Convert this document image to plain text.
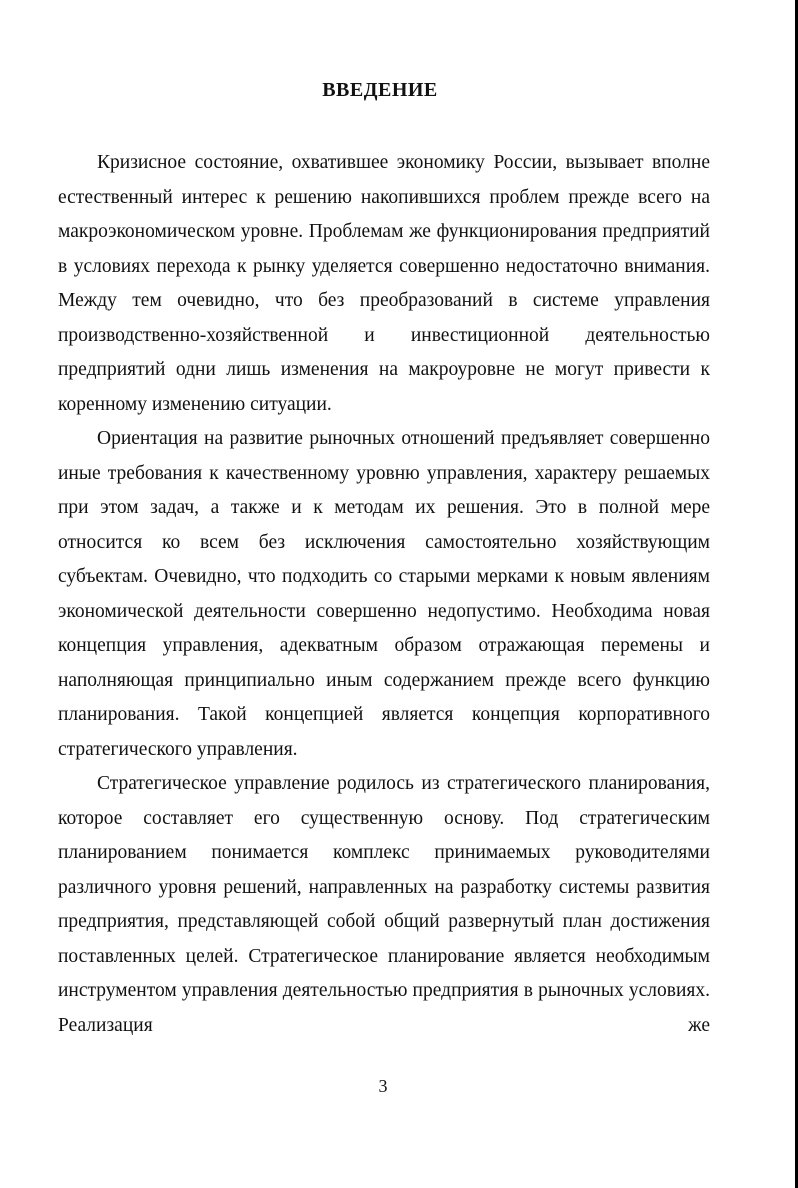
ВВЕДЕНИЕ

Кризисное состояние, охватившее экономику России, вызывает вполне естественный интерес к решению накопившихся проблем прежде всего на макроэкономическом уровне. Проблемам же функционирования предприятий в условиях перехода к рынку уделяется совершенно недостаточно внимания. Между тем очевидно, что без преобразований в системе управления производственно-хозяйственной и инвестиционной деятельностью предприятий одни лишь изменения на макроуровне не могут привести к коренному изменению ситуации.

Ориентация на развитие рыночных отношений предъявляет совершенно иные требования к качественному уровню управления, характеру решаемых при этом задач, а также и к методам их решения. Это в полной мере относится ко всем без исключения самостоятельно хозяйствующим субъектам. Очевидно, что подходить со старыми мерками к новым явлениям экономической деятельности совершенно недопустимо. Необходима новая концепция управления, адекватным образом отражающая перемены и наполняющая принципиально иным содержанием прежде всего функцию планирования. Такой концепцией является концепция корпоративного стратегического управления.

Стратегическое управление родилось из стратегического планирования, которое составляет его существенную основу. Под стратегическим планированием понимается комплекс принимаемых руководителями различного уровня решений, направленных на разработку системы развития предприятия, представляющей собой общий развернутый план достижения поставленных целей. Стратегическое планирование является необходимым инструментом управления деятельностью предприятия в рыночных условиях. Реализация же

3
